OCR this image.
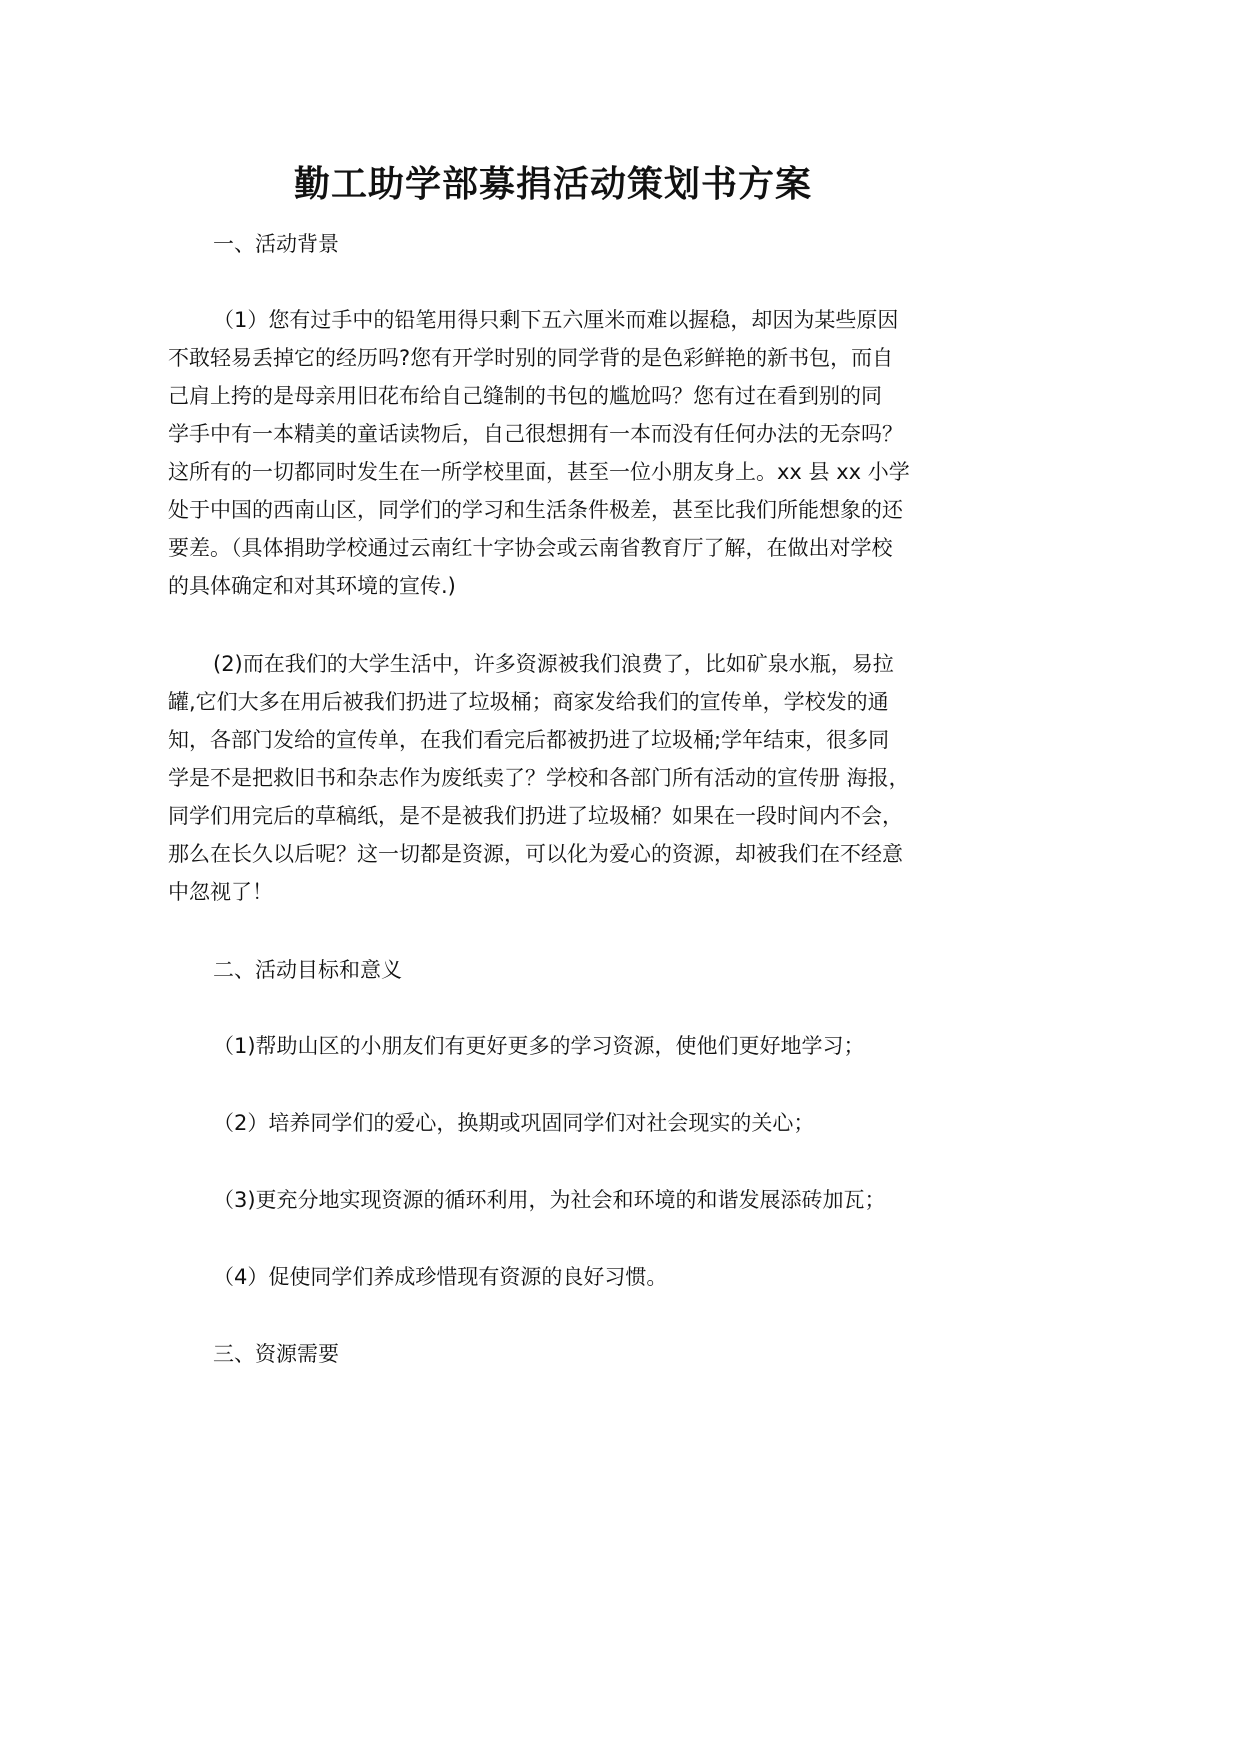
勤工助学部募捐活动策划书方案
一、活动背景
（1）您有过手中的铅笔用得只剩下五六厘米而难以握稳，却因为某些原因
不敢轻易丢掉它的经历吗?您有开学时别的同学背的是色彩鲜艳的新书包，而自
己肩上挎的是母亲用旧花布给自己缝制的书包的尴尬吗？您有过在看到别的同
学手中有一本精美的童话读物后，自己很想拥有一本而没有任何办法的无奈吗？
这所有的一切都同时发生在一所学校里面，甚至一位小朋友身上。xx 县 xx 小学
处于中国的西南山区，同学们的学习和生活条件极差，甚至比我们所能想象的还
要差。（具体捐助学校通过云南红十字协会或云南省教育厅了解，在做出对学校
的具体确定和对其环境的宣传.)
(2)而在我们的大学生活中，许多资源被我们浪费了，比如矿泉水瓶，易拉
罐,它们大多在用后被我们扔进了垃圾桶；商家发给我们的宣传单，学校发的通
知，各部门发给的宣传单，在我们看完后都被扔进了垃圾桶;学年结束，很多同
学是不是把救旧书和杂志作为废纸卖了？学校和各部门所有活动的宣传册 海报，
同学们用完后的草稿纸，是不是被我们扔进了垃圾桶？如果在一段时间内不会，
那么在长久以后呢？这一切都是资源，可以化为爱心的资源，却被我们在不经意
中忽视了！
二、活动目标和意义
（1)帮助山区的小朋友们有更好更多的学习资源，使他们更好地学习；
（2）培养同学们的爱心，换期或巩固同学们对社会现实的关心；
（3)更充分地实现资源的循环利用，为社会和环境的和谐发展添砖加瓦；
（4）促使同学们养成珍惜现有资源的良好习惯。
三、资源需要
